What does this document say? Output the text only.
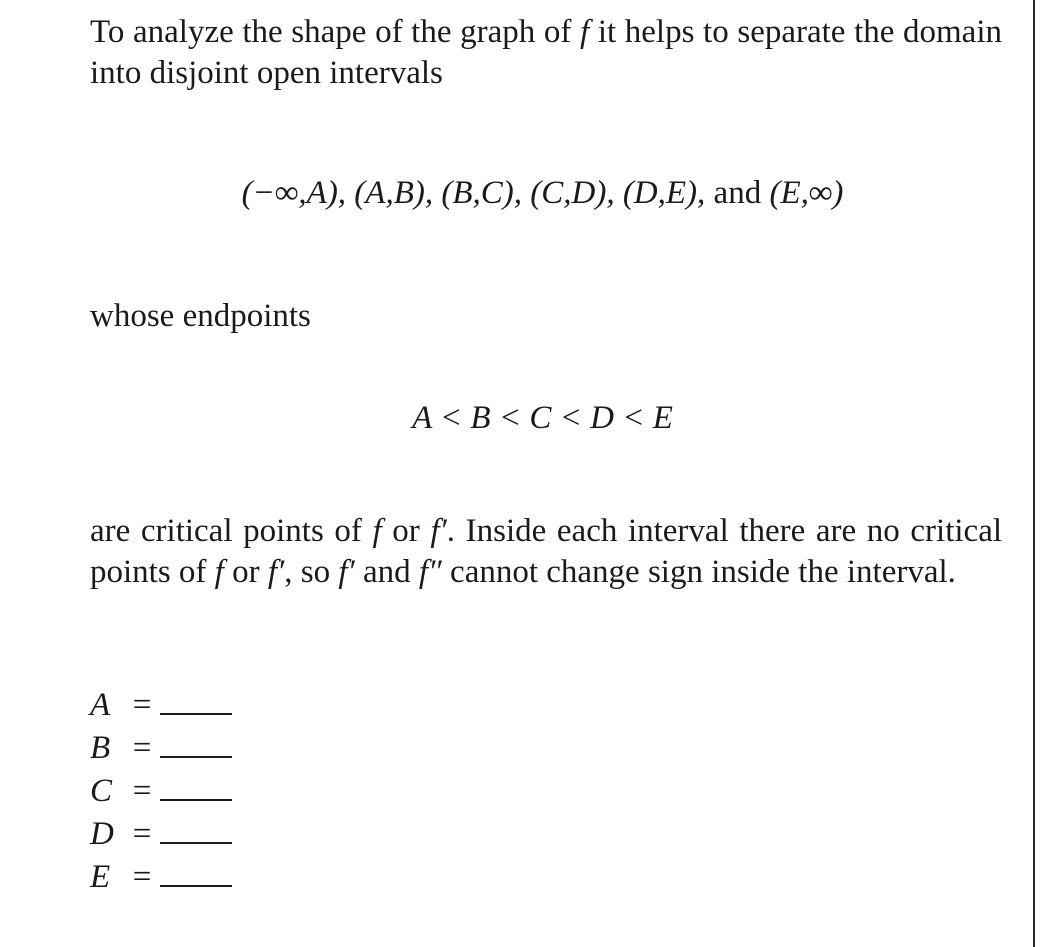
To analyze the shape of the graph of f it helps to separate the domain into disjoint open intervals

(−∞,A), (A,B), (B,C), (C,D), (D,E), and (E,∞)

whose endpoints

A < B < C < D < E

are critical points of f or f′. Inside each interval there are no critical points of f or f′, so f′ and f″ cannot change sign inside the interval.

A =
B =
C =
D =
E =
